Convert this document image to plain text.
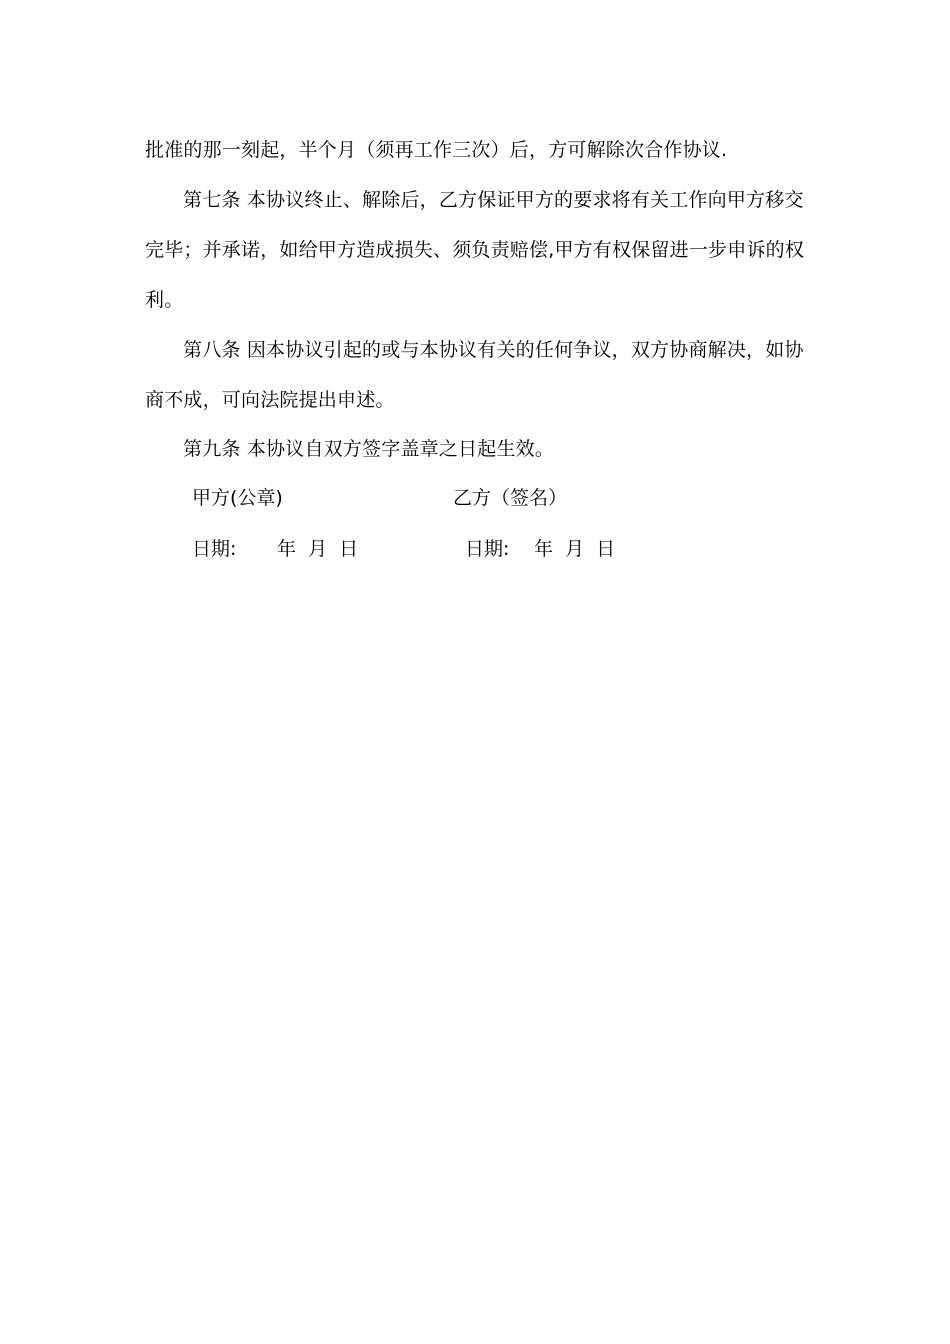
批准的那一刻起，半个月（须再工作三次）后，方可解除次合作协议.
第七条 本协议终止、解除后，乙方保证甲方的要求将有关工作向甲方移交
完毕；并承诺，如给甲方造成损失、须负责赔偿,甲方有权保留进一步申诉的权
利。
第八条 因本协议引起的或与本协议有关的任何争议，双方协商解决，如协
商不成，可向法院提出申述。
第九条 本协议自双方签字盖章之日起生效。
甲方(公章)	乙方（签名）
日期: 年  月  日	日期: 年  月  日
